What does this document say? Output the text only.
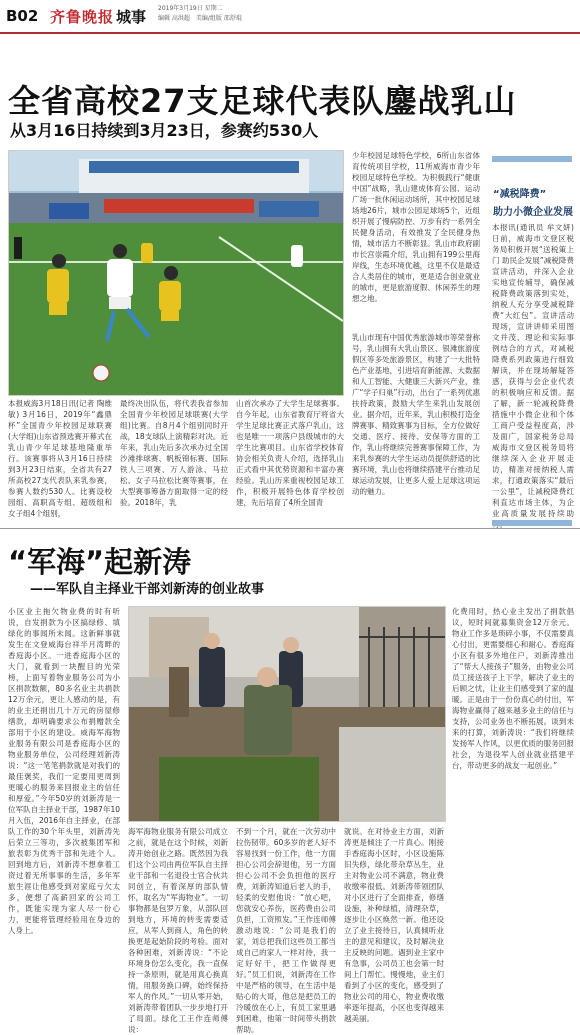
B02 齐鲁晚报 城事 2019年3月19日 星期二
编辑 高洪超　美编/组版 邵舒琨
全省高校27支足球代表队鏖战乳山
从3月16日持续到3月23日，参赛约530人
本报威海3月18日讯(记者 陶维敏) 3月16日，2019年“鑫鼎杯”全国青少年校园足球联赛(大学组)山东省预选赛开幕式在乳山青少年足球基地隆重举行。该赛事将从3月16日持续到3月23日结束，全省共有27所高校27支代表队来乳参赛，参赛人数约530人。比赛设校园组、高职高专组、超级组和女子组4个组别，
最终决出队伍，将代表我省参加全国青少年校园足球联赛(大学组)比赛。自8月4个组别同时开战，18支球队上演精彩对决。近年来，乳山先后多次承办过全国沙滩排球赛、帆板锦标赛、国际铁人三项赛、万人游泳、马拉松、女子马拉松比赛等赛事，在大型赛事筹备方面取得一定的经验。2018年，乳
山首次承办了大学生足球赛事。自今年起，山东省教育厅将省大学生足球比赛正式落户乳山，这也是唯一一项落户县级城市的大学生比赛项目。山东省学校体育协会相关负责人介绍，选择乳山正式看中其优势资源和丰富办赛经验。乳山历来重视校园足球工作，积极开展特色体育学校创建，先后培育了4所全国青
少年校园足球特色学校，6所山东省体育传统项目学校，11所威海市青少年校园足球特色学校。为积极践行“健康中国”战略，乳山建成体育公园、运动广场一批休闲运动场所，其中校园足球场地26片，城市公园足球场5个，近组织开展了慢病防控、万步有约一系列全民健身活动，有效推发了全民健身热情，城市活力不断彰显。乳山市政府副市长宫崇霞介绍，乳山拥有199公里海岸线，生态环境优越，这里不仅是最适合人类居住的城市，更是适合创业就业的城市，更是旅游度假、休闲养生的理想之地。
乳山市现有中国优秀旅游城市等荣誉称号，乳山拥有大乳山景区、银滩旅游度假区等多处旅游景区，构建了一大批特色产业基地，引进培育新能源、大数据和人工智能、大健康三大新兴产业，推广“学子归巢”行动，出台了一系列优惠扶持政策，鼓励大学生来乳山发展创业。据介绍，近年来，乳山积极打造金牌赛事、精致赛事为目标，全方位做好交通、医疗、接待、安保等方面的工作，乳山将继续完善赛事保障工作，为来乳参赛的大学生运动员提供舒适的比赛环境，乳山也将继续搭建平台推动足球运动发展，让更多人爱上足球这项运动的魅力。
“减税降费”
助力小微企业发展
本报讯(通讯员 牟文妍) 日前，威海市文登区税务局积极开展“送税策上门 助民企发展”减税降费宣讲活动，并深入企业实地宣传辅导，确保减税降费政策落到实处，纳税人充分享受减税降费“大红包”。宣讲活动现场，宣讲讲师采用图文并茂、理论和实际事例结合的方式，对减税降费系列政策进行细致解读，并在现场解疑答惑，获得与会企业代表的积极响应和反馈。据了解，新一轮减税降费措施中小微企业和个体工商户受益程度高，涉及面广，国家税务总局威海市文登区税务局将继续深入企业开展走访，精准对接纳税人需求，打通政策落实“最后一公里”，让减税降费红利直达市场主体，为企业高质量发展持续助
“军海”起新涛
——军队自主择业干部刘新涛的创业故事
小区业主拖欠物业费的时有听说，自发捐款为小区搞绿修、填绿化的事闻所未闻。这新鲜事就发生在文登威海台祥半月湾畔的香庭海小区。一进香庭海小区的大门，就看到一块醒目的光荣榜，上面写着物业服务公司为小区捐款数额，80多名业主共捐款12万余元，更让人感动的是，有的业主还捐出几十万元的房屋修缮款，却明确要求公布捐赠款全部用于小区的建设。威海军海物业服务有限公司是香庭海小区的物业服务单位，公司经理刘新涛说：“这一笔笔捐款就是对我们的最佳褒奖，我们一定要用更周到更暖心的服务来回报业主的信任和厚爱。”今年50岁的刘新涛是一位军队自主择业干部，1987年10月入伍，2016年自主择业，在部队工作的30个年头里，刘新涛先后荣立三等功，多次被集团军和旅表彰为优秀干部和先进个人。回到地方后，刘新涛不想拿着工资过着无所事事的生活，多年军旅生涯让他感受到对家庭亏欠太多，便想了高薪回家的公司工作，既能实现为家人尽一份心力，更能将管理经验用在身边的人身上。
海军海物业服务有限公司成立之前，就是在这个时候，刘新涛开始创业之路。既然因为我们这个公司由两位军队自主择业干部和一名退役士官合伙共同创立，有着深厚的部队情怀，取名为“军海物业”。一切事物都是包罗万象，从部队回到地方，环境的转变需要适应，从军人到商人，角色的转换更是起始阶段的考验。面对各种困难，刘新涛说：“不论环境身份怎么变化，我一直保持一条原则，就是用真心换真情，用服务换口碑，始终保持军人的作风。”一切从零开始，刘新涛带着团队一步步地打开了局面。绿化工王作连师傅说：
不到一个月，就在一次劳动中拉伤韧带。60多岁的老人好不容易找到一份工作，他一方面担心公司会辞退他，另一方面担心公司不会负担他的医疗费，刘新涛知道后老人的手，轻柔的安慰他说：“放心吧，您就安心养伤，医药费由公司负担，工资照发。”王作连师傅激动地说：“公司是我们的家，刘总把我们这些员工都当成自己的家人一样对待，我一定好好干，把工作做得更好。”员工们说，刘新涛在工作中是严格的领导，在生活中是贴心的大哥，他总是把员工的冷暖放在心上，有员工家里遇到困难，他第一时间带头捐款帮助。
就说。在对待业主方面，刘新涛更是倾注了一片真心。刚接手香庭海小区时，小区设施陈旧失修，绿化带杂草丛生，业主对物业公司不满意，物业费收缴率很低。刘新涛带领团队对小区进行了全面排查，修缮设施，补种绿植，清理杂草，逐步让小区焕然一新。他还设立了业主接待日，认真倾听业主的意见和建议，及时解决业主反映的问题。遇到业主家中有急事，公司员工也会第一时间上门帮忙。慢慢地，业主们看到了小区的变化，感受到了物业公司的用心，物业费收缴率逐年提高，小区也变得越来越美丽。
化费用时，热心业主发出了捐款倡议，短时间就募集资金12万余元。物业工作多是琐碎小事，不仅需要真心付出，更需要细心和耐心。香庭海小区有很多外地住户，刘新涛推出了“帮大人接孩子”服务，由物业公司员工接送孩子上下学，解决了业主的后顾之忧，让业主们感受到了家的温暖。正是由于一份份真心的付出，军海物业赢得了越来越多业主的信任与支持，公司业务也不断拓展。谈到未来的打算，刘新涛说：“我们将继续发扬军人作风，以更优质的服务回报社会，为退役军人创业就业搭建平台，带动更多的战友一起创业。”
